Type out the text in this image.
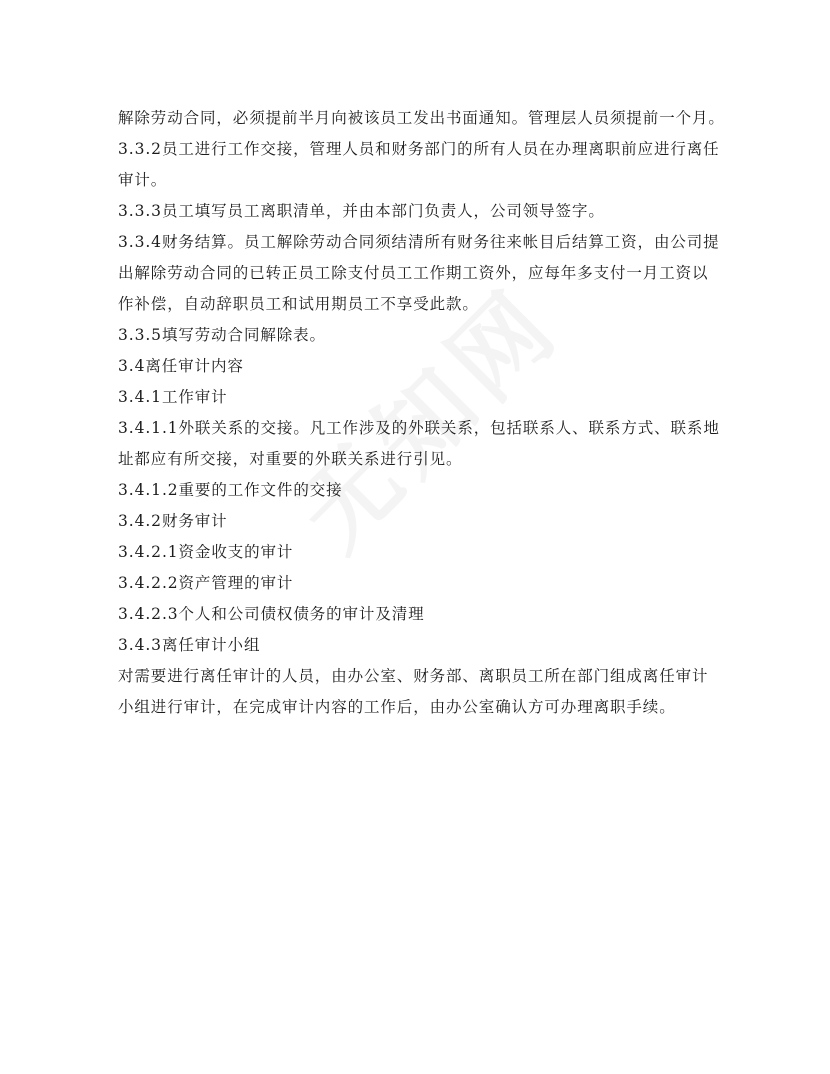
解除劳动合同，必须提前半月向被该员工发出书面通知。管理层人员须提前一个月。
3.3.2员工进行工作交接，管理人员和财务部门的所有人员在办理离职前应进行离任
审计。
3.3.3员工填写员工离职清单，并由本部门负责人，公司领导签字。
3.3.4财务结算。员工解除劳动合同须结清所有财务往来帐目后结算工资，由公司提
出解除劳动合同的已转正员工除支付员工工作期工资外，应每年多支付一月工资以
作补偿，自动辞职员工和试用期员工不享受此款。
3.3.5填写劳动合同解除表。
3.4离任审计内容
3.4.1工作审计
3.4.1.1外联关系的交接。凡工作涉及的外联关系，包括联系人、联系方式、联系地
址都应有所交接，对重要的外联关系进行引见。
3.4.1.2重要的工作文件的交接
3.4.2财务审计
3.4.2.1资金收支的审计
3.4.2.2资产管理的审计
3.4.2.3个人和公司债权债务的审计及清理
3.4.3离任审计小组
对需要进行离任审计的人员，由办公室、财务部、离职员工所在部门组成离任审计
小组进行审计，在完成审计内容的工作后，由办公室确认方可办理离职手续。
